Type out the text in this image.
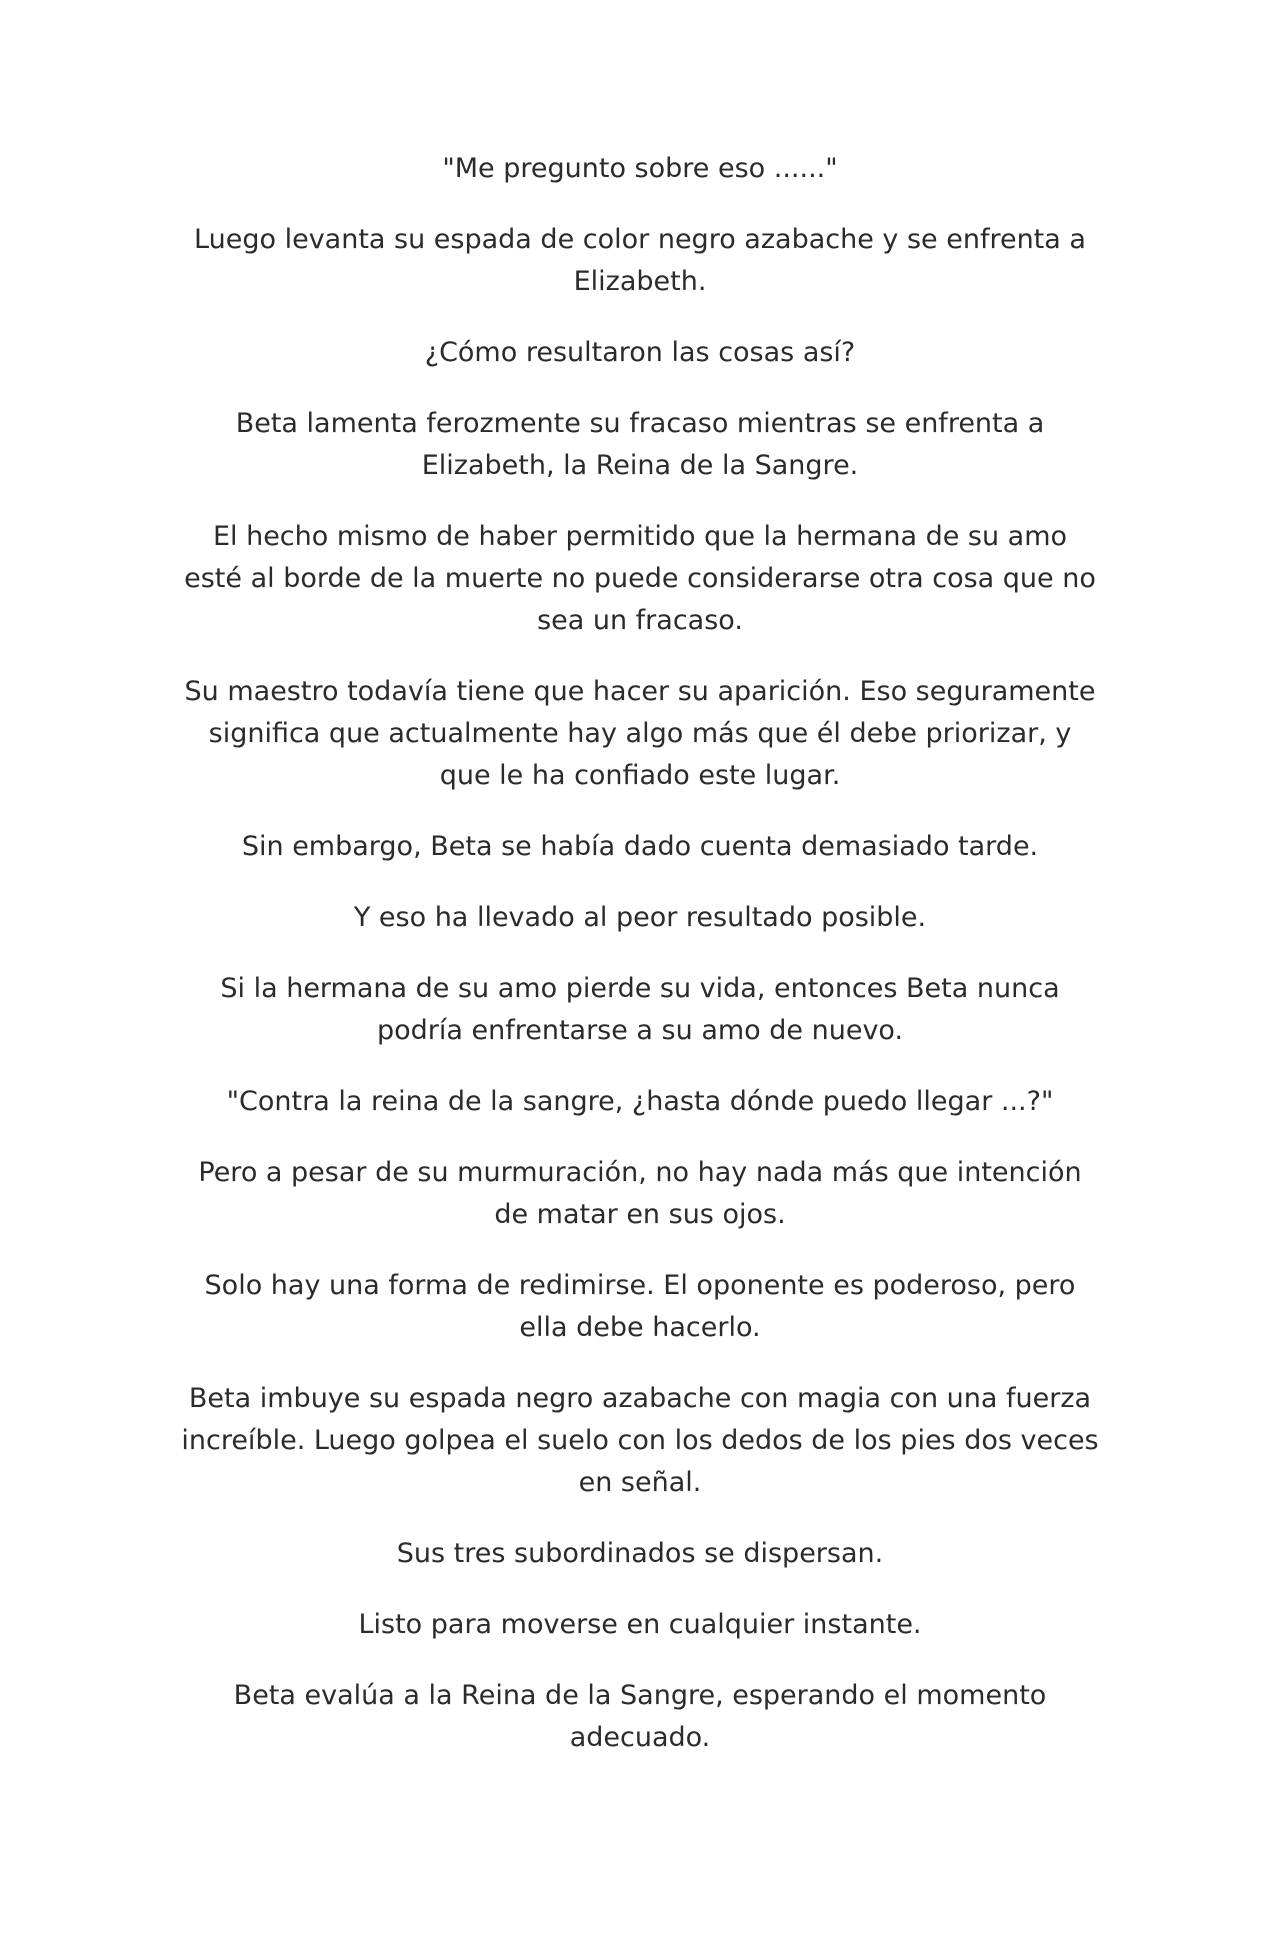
"Me pregunto sobre eso ......"

Luego levanta su espada de color negro azabache y se enfrenta a Elizabeth.

¿Cómo resultaron las cosas así?

Beta lamenta ferozmente su fracaso mientras se enfrenta a Elizabeth, la Reina de la Sangre.

El hecho mismo de haber permitido que la hermana de su amo esté al borde de la muerte no puede considerarse otra cosa que no sea un fracaso.

Su maestro todavía tiene que hacer su aparición. Eso seguramente significa que actualmente hay algo más que él debe priorizar, y que le ha confiado este lugar.

Sin embargo, Beta se había dado cuenta demasiado tarde.

Y eso ha llevado al peor resultado posible.

Si la hermana de su amo pierde su vida, entonces Beta nunca podría enfrentarse a su amo de nuevo.

"Contra la reina de la sangre, ¿hasta dónde puedo llegar ...?"

Pero a pesar de su murmuración, no hay nada más que intención de matar en sus ojos.

Solo hay una forma de redimirse. El oponente es poderoso, pero ella debe hacerlo.

Beta imbuye su espada negro azabache con magia con una fuerza increíble. Luego golpea el suelo con los dedos de los pies dos veces en señal.

Sus tres subordinados se dispersan.

Listo para moverse en cualquier instante.

Beta evalúa a la Reina de la Sangre, esperando el momento adecuado.
